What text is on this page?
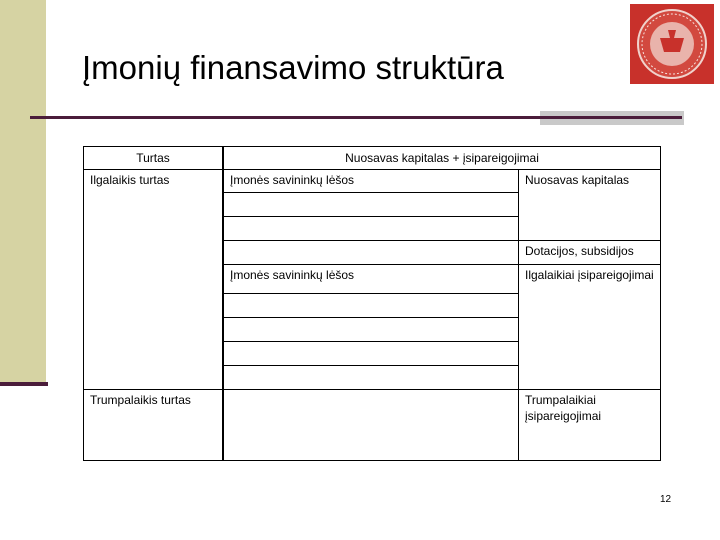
Įmonių finansavimo struktūra
Turtas	Nuosavas kapitalas + įsipareigojimai
Ilgalaikis turtas
Trumpalaikis turtas
Įmonės savininkų lėšos
Įmonės savininkų lėšos
Nuosavas kapitalas
Dotacijos, subsidijos
Ilgalaikiai įsipareigojimai
Trumpalaikiai įsipareigojimai
12
